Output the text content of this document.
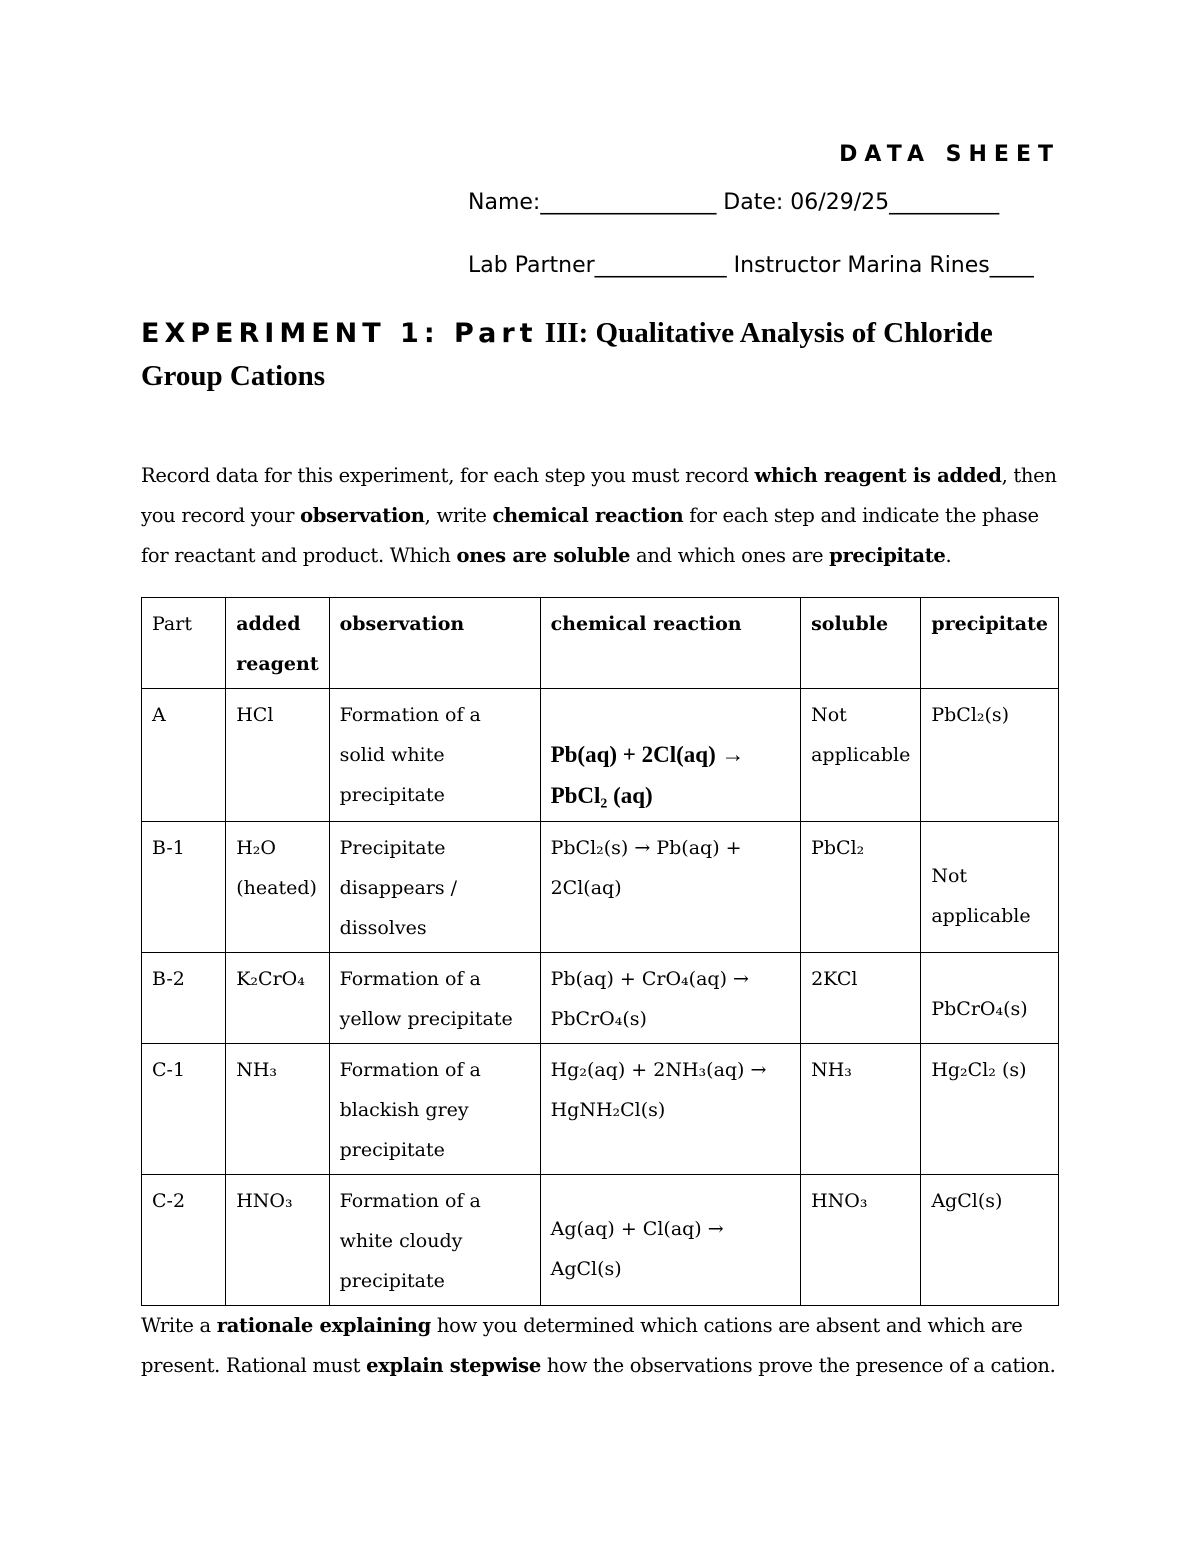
DATA SHEET
Name:________________ Date: 06/29/25__________
Lab Partner____________ Instructor Marina Rines____
EXPERIMENT 1: Part III: Qualitative Analysis of Chloride Group Cations
Record data for this experiment, for each step you must record which reagent is added, then you record your observation, write chemical reaction for each step and indicate the phase for reactant and product. Which ones are soluble and which ones are precipitate.
Part	added reagent	observation	chemical reaction	soluble	precipitate
A	HCl	Formation of a solid white precipitate	Pb(aq) + 2Cl(aq) → PbCl₂ (aq)	Not applicable	PbCl₂(s)
B-1	H₂O (heated)	Precipitate disappears / dissolves	PbCl₂(s) → Pb(aq) + 2Cl(aq)	PbCl₂	Not applicable
B-2	K₂CrO₄	Formation of a yellow precipitate	Pb(aq) + CrO₄(aq) → PbCrO₄(s)	2KCl	PbCrO₄(s)
C-1	NH₃	Formation of a blackish grey precipitate	Hg₂(aq) + 2NH₃(aq) → HgNH₂Cl(s)	NH₃	Hg₂Cl₂ (s)
C-2	HNO₃	Formation of a white cloudy precipitate	Ag(aq) + Cl(aq) → AgCl(s)	HNO₃	AgCl(s)
Write a rationale explaining how you determined which cations are absent and which are present. Rational must explain stepwise how the observations prove the presence of a cation.
